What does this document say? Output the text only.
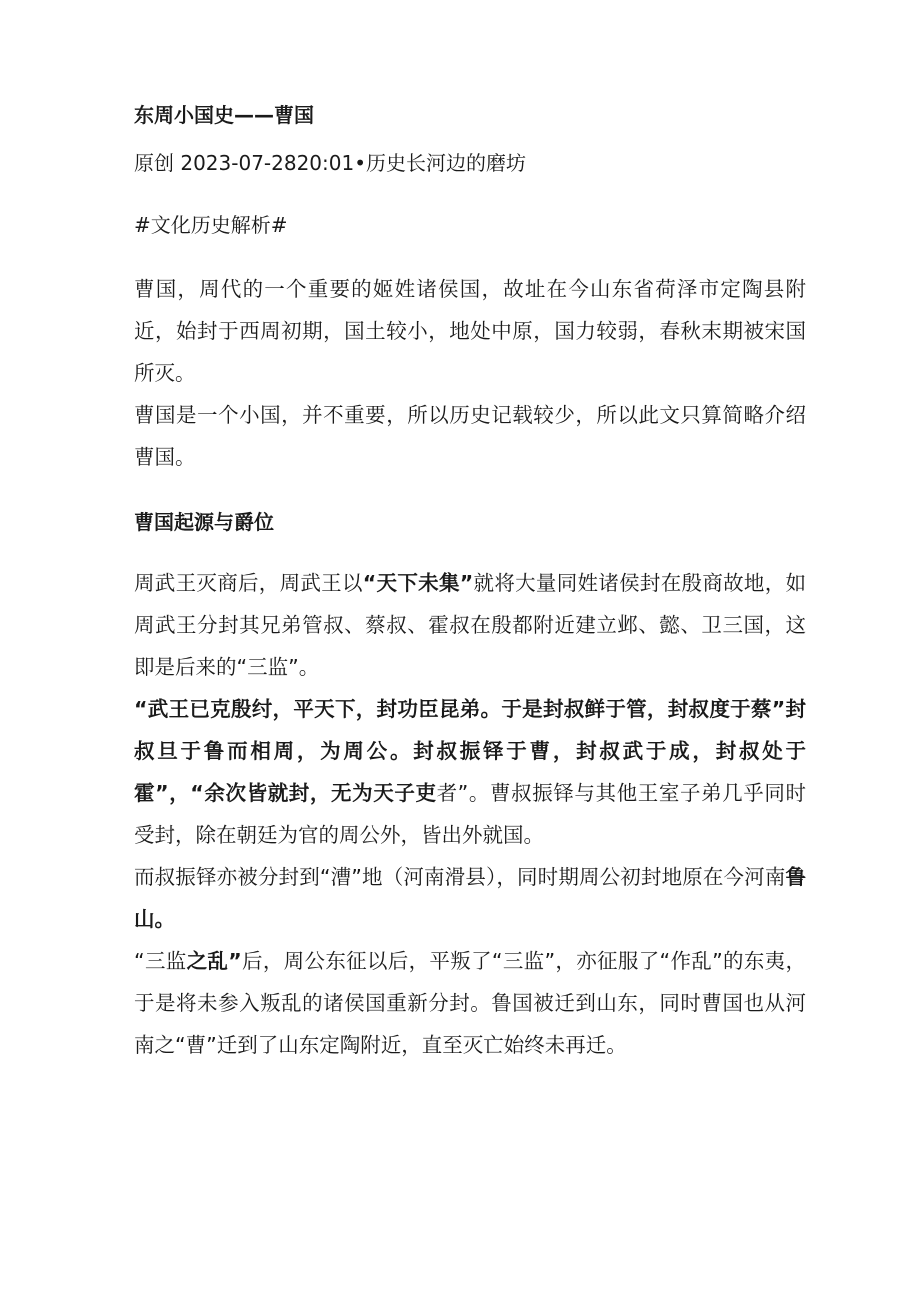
东周小国史——曹国
原创 2023-07-2820:01•历史长河边的磨坊
#文化历史解析#
曹国，周代的一个重要的姬姓诸侯国，故址在今山东省荷泽市定陶县附近，始封于西周初期，国土较小，地处中原，国力较弱，春秋末期被宋国所灭。
曹国是一个小国，并不重要，所以历史记载较少，所以此文只算简略介绍曹国。
曹国起源与爵位
周武王灭商后，周武王以“天下未集”就将大量同姓诸侯封在殷商故地，如周武王分封其兄弟管叔、蔡叔、霍叔在殷都附近建立邺、懿、卫三国，这即是后来的“三监”。
“武王已克殷纣，平天下，封功臣昆弟。于是封叔鲜于管，封叔度于蔡”封叔旦于鲁而相周，为周公。封叔振铎于曹，封叔武于成，封叔处于霍”，“余次皆就封，无为天子吏者”。曹叔振铎与其他王室子弟几乎同时受封，除在朝廷为官的周公外，皆出外就国。
而叔振铎亦被分封到“漕”地（河南滑县），同时期周公初封地原在今河南鲁山。
“三监之乱”后，周公东征以后，平叛了“三监”，亦征服了“作乱”的东夷，于是将未参入叛乱的诸侯国重新分封。鲁国被迁到山东，同时曹国也从河南之“曹”迁到了山东定陶附近，直至灭亡始终未再迁。
